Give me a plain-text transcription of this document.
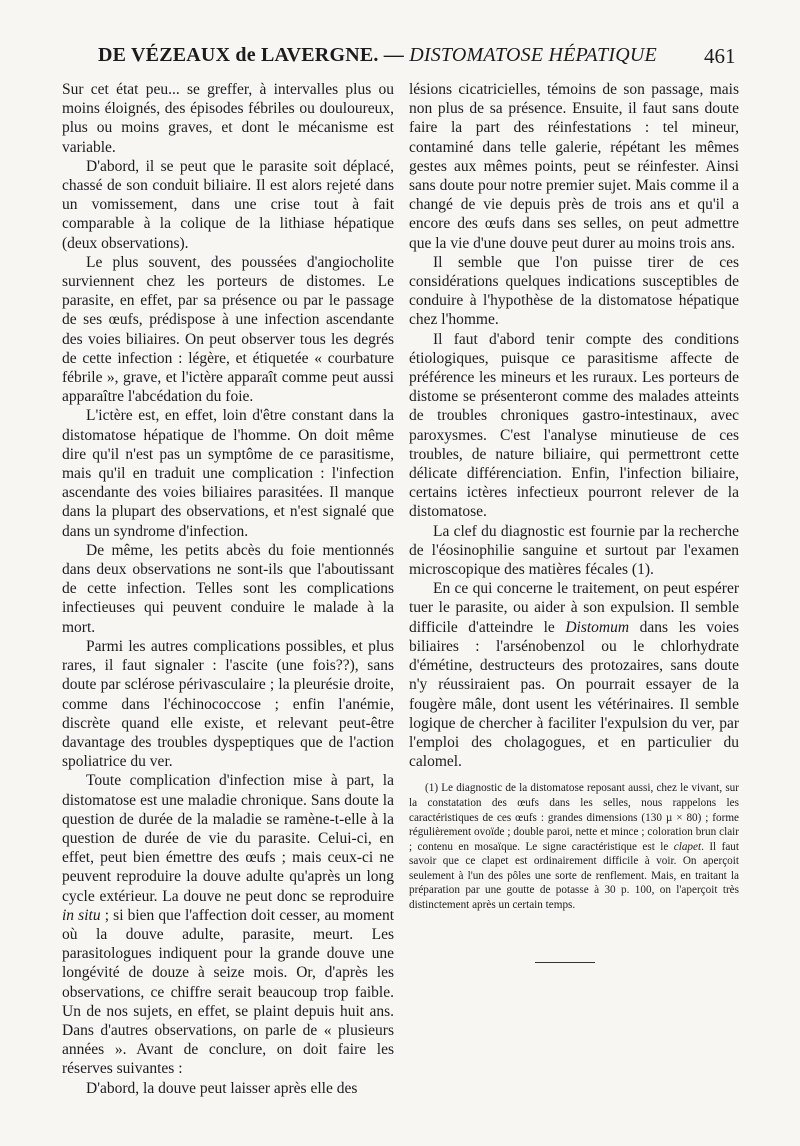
DE VÉZEAUX de LAVERGNE. — DISTOMATOSE HÉPATIQUE 461

Sur cet état peu... se greffer, à intervalles plus ou moins éloignés, des épisodes fébriles ou douloureux, plus ou moins graves, et dont le mécanisme est variable.

D'abord, il se peut que le parasite soit déplacé, chassé de son conduit biliaire. Il est alors rejeté dans un vomissement, dans une crise tout à fait comparable à la colique de la lithiase hépatique (deux observations).

Le plus souvent, des poussées d'angiocholite surviennent chez les porteurs de distomes. Le parasite, en effet, par sa présence ou par le passage de ses œufs, prédispose à une infection ascendante des voies biliaires. On peut observer tous les degrés de cette infection : légère, et étiquetée « courbature fébrile », grave, et l'ictère apparaît comme peut aussi apparaître l'abcédation du foie.

L'ictère est, en effet, loin d'être constant dans la distomatose hépatique de l'homme. On doit même dire qu'il n'est pas un symptôme de ce parasitisme, mais qu'il en traduit une complication : l'infection ascendante des voies biliaires parasitées. Il manque dans la plupart des observations, et n'est signalé que dans un syndrome d'infection.

De même, les petits abcès du foie mentionnés dans deux observations ne sont-ils que l'aboutissant de cette infection. Telles sont les complications infectieuses qui peuvent conduire le malade à la mort.

Parmi les autres complications possibles, et plus rares, il faut signaler : l'ascite (une fois??), sans doute par sclérose périvasculaire ; la pleurésie droite, comme dans l'échinococcose ; enfin l'anémie, discrète quand elle existe, et relevant peut-être davantage des troubles dyspeptiques que de l'action spoliatrice du ver.

Toute complication d'infection mise à part, la distomatose est une maladie chronique. Sans doute la question de durée de la maladie se ramène-t-elle à la question de durée de vie du parasite. Celui-ci, en effet, peut bien émettre des œufs ; mais ceux-ci ne peuvent reproduire la douve adulte qu'après un long cycle extérieur. La douve ne peut donc se reproduire in situ ; si bien que l'affection doit cesser, au moment où la douve adulte, parasite, meurt. Les parasitologues indiquent pour la grande douve une longévité de douze à seize mois. Or, d'après les observations, ce chiffre serait beaucoup trop faible. Un de nos sujets, en effet, se plaint depuis huit ans. Dans d'autres observations, on parle de « plusieurs années ». Avant de conclure, on doit faire les réserves suivantes :

D'abord, la douve peut laisser après elle des

lésions cicatricielles, témoins de son passage, mais non plus de sa présence. Ensuite, il faut sans doute faire la part des réinfestations : tel mineur, contaminé dans telle galerie, répétant les mêmes gestes aux mêmes points, peut se réinfester. Ainsi sans doute pour notre premier sujet. Mais comme il a changé de vie depuis près de trois ans et qu'il a encore des œufs dans ses selles, on peut admettre que la vie d'une douve peut durer au moins trois ans.

Il semble que l'on puisse tirer de ces considérations quelques indications susceptibles de conduire à l'hypothèse de la distomatose hépatique chez l'homme.

Il faut d'abord tenir compte des conditions étiologiques, puisque ce parasitisme affecte de préférence les mineurs et les ruraux. Les porteurs de distome se présenteront comme des malades atteints de troubles chroniques gastro-intestinaux, avec paroxysmes. C'est l'analyse minutieuse de ces troubles, de nature biliaire, qui permettront cette délicate différenciation. Enfin, l'infection biliaire, certains ictères infectieux pourront relever de la distomatose.

La clef du diagnostic est fournie par la recherche de l'éosinophilie sanguine et surtout par l'examen microscopique des matières fécales (1).

En ce qui concerne le traitement, on peut espérer tuer le parasite, ou aider à son expulsion. Il semble difficile d'atteindre le Distomum dans les voies biliaires : l'arsénobenzol ou le chlorhydrate d'émétine, destructeurs des protozaires, sans doute n'y réussiraient pas. On pourrait essayer de la fougère mâle, dont usent les vétérinaires. Il semble logique de chercher à faciliter l'expulsion du ver, par l'emploi des cholagogues, et en particulier du calomel.

(1) Le diagnostic de la distomatose reposant aussi, chez le vivant, sur la constatation des œufs dans les selles, nous rappelons les caractéristiques de ces œufs : grandes dimensions (130 µ × 80) ; forme régulièrement ovoïde ; double paroi, nette et mince ; coloration brun clair ; contenu en mosaïque. Le signe caractéristique est le clapet. Il faut savoir que ce clapet est ordinairement difficile à voir. On aperçoit seulement à l'un des pôles une sorte de renflement. Mais, en traitant la préparation par une goutte de potasse à 30 p. 100, on l'aperçoit très distinctement après un certain temps.
